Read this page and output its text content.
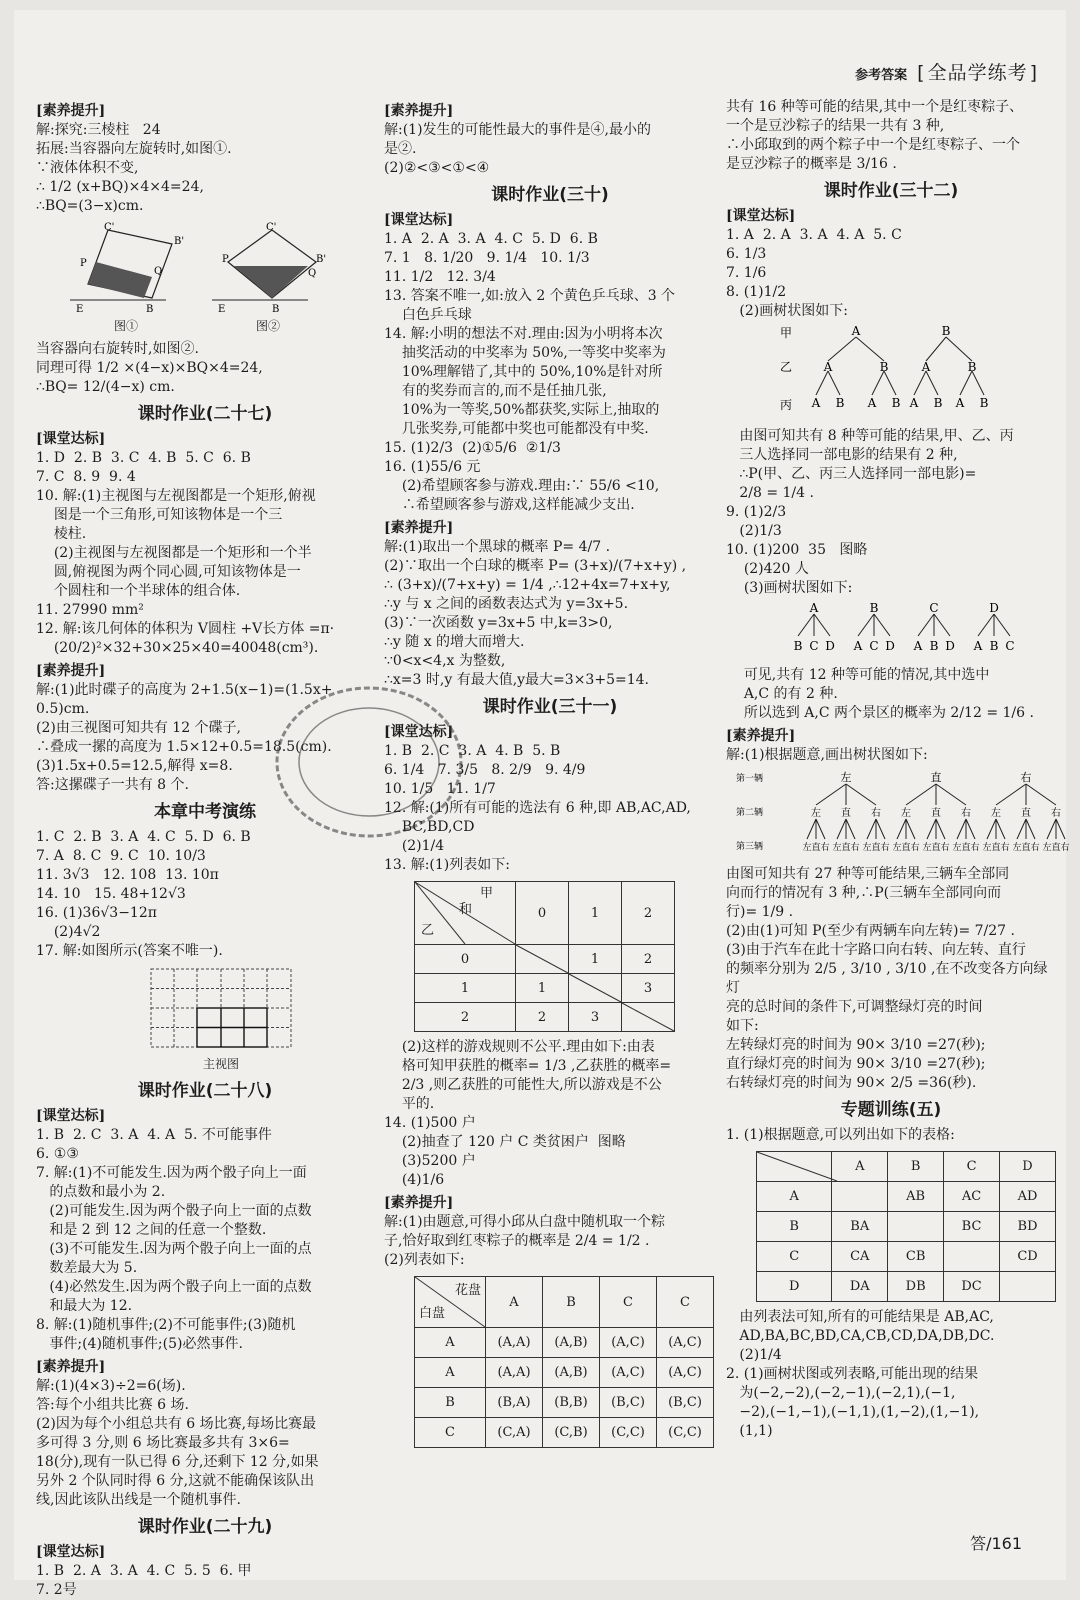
参考答案	[ 全品学练考 ]
[素养提升]
解:探究:三棱柱   24
拓展:当容器向左旋转时,如图①.
∵液体体积不变,
∴ 1/2 (x+BQ)×4×4=24,
∴BQ=(3−x)cm.
C'
B'
E	B
Q
P
图①
C'
B'
E	B
P
Q
图②
当容器向右旋转时,如图②.
同理可得 1/2 ×(4−x)×BQ×4=24,
∴BQ= 12/(4−x) cm.
课时作业(二十七)
[课堂达标]
1. D  2. B  3. C  4. B  5. C  6. B
7. C  8. 9  9. 4
10. 解:(1)主视图与左视图都是一个矩形,俯视
图是一个三角形,可知该物体是一个三
棱柱.
(2)主视图与左视图都是一个矩形和一个半
圆,俯视图为两个同心圆,可知该物体是一
个圆柱和一个半球体的组合体.
11. 27990 mm²
12. 解:该几何体的体积为 V圆柱 +V长方体 =π·
(20/2)²×32+30×25×40=40048(cm³).
[素养提升]
解:(1)此时碟子的高度为 2+1.5(x−1)=(1.5x+
0.5)cm.
(2)由三视图可知共有 12 个碟子,
∴叠成一摞的高度为 1.5×12+0.5=18.5(cm).
(3)1.5x+0.5=12.5,解得 x=8.
答:这摞碟子一共有 8 个.
本章中考演练
1. C  2. B  3. A  4. C  5. D  6. B
7. A  8. C  9. C  10. 10/3
11. 3√3   12. 108  13. 10π
14. 10   15. 48+12√3
16. (1)36√3−12π
(2)4√2
17. 解:如图所示(答案不唯一).
主视图
课时作业(二十八)
[课堂达标]
1. B  2. C  3. A  4. A  5. 不可能事件
6. ①③
7. 解:(1)不可能发生.因为两个骰子向上一面
的点数和最小为 2.
(2)可能发生.因为两个骰子向上一面的点数
和是 2 到 12 之间的任意一个整数.
(3)不可能发生.因为两个骰子向上一面的点
数差最大为 5.
(4)必然发生.因为两个骰子向上一面的点数
和最大为 12.
8. 解:(1)随机事件;(2)不可能事件;(3)随机
事件;(4)随机事件;(5)必然事件.
[素养提升]
解:(1)(4×3)÷2=6(场).
答:每个小组共比赛 6 场.
(2)因为每个小组总共有 6 场比赛,每场比赛最
多可得 3 分,则 6 场比赛最多共有 3×6=
18(分),现有一队已得 6 分,还剩下 12 分,如果
另外 2 个队同时得 6 分,这就不能确保该队出
线,因此该队出线是一个随机事件.
课时作业(二十九)
[课堂达标]
1. B  2. A  3. A  4. C  5. 5  6. 甲
7. 2号
[素养提升]
解:(1)发生的可能性最大的事件是④,最小的
是②.
(2)②<③<①<④
课时作业(三十)
[课堂达标]
1. A  2. A  3. A  4. C  5. D  6. B
7. 1   8. 1/20   9. 1/4   10. 1/3
11. 1/2   12. 3/4
13. 答案不唯一,如:放入 2 个黄色乒乓球、3 个
白色乒乓球
14. 解:小明的想法不对.理由:因为小明将本次
抽奖活动的中奖率为 50%,一等奖中奖率为
10%理解错了,其中的 50%,10%是针对所
有的奖券而言的,而不是任抽几张,
10%为一等奖,50%都获奖,实际上,抽取的
几张奖券,可能都中奖也可能都没有中奖.
15. (1)2/3  (2)①5/6  ②1/3
16. (1)55/6 元
(2)希望顾客参与游戏.理由:∵ 55/6 <10,
∴希望顾客参与游戏,这样能减少支出.
[素养提升]
解:(1)取出一个黑球的概率 P= 4/7 .
(2)∵取出一个白球的概率 P= (3+x)/(7+x+y) ,
∴ (3+x)/(7+x+y) = 1/4 ,∴12+4x=7+x+y,
∴y 与 x 之间的函数表达式为 y=3x+5.
(3)∵一次函数 y=3x+5 中,k=3>0,
∴y 随 x 的增大而增大.
∵0<x<4,x 为整数,
∴x=3 时,y 有最大值,y最大=3×3+5=14.
课时作业(三十一)
[课堂达标]
1. B  2. C  3. A  4. B  5. B
6. 1/4   7. 3/5   8. 2/9   9. 4/9
10. 1/5   11. 1/7
12. 解:(1)所有可能的选法有 6 种,即 AB,AC,AD,
BC,BD,CD
(2)1/4
13. 解:(1)列表如下:
甲
和
乙	0	1	2
0		1	2
1	1		3
2	2	3	
(2)这样的游戏规则不公平.理由如下:由表
格可知甲获胜的概率= 1/3 ,乙获胜的概率=
2/3 ,则乙获胜的可能性大,所以游戏是不公
平的.
14. (1)500 户
(2)抽查了 120 户 C 类贫困户  图略
(3)5200 户
(4)1/6
[素养提升]
解:(1)由题意,可得小邱从白盘中随机取一个粽
子,恰好取到红枣粽子的概率是 2/4 = 1/2 .
(2)列表如下:
花盘
白盘	A	B	C	C
A	(A,A)	(A,B)	(A,C)	(A,C)
A	(A,A)	(A,B)	(A,C)	(A,C)
B	(B,A)	(B,B)	(B,C)	(B,C)
C	(C,A)	(C,B)	(C,C)	(C,C)
共有 16 种等可能的结果,其中一个是红枣粽子、
一个是豆沙粽子的结果一共有 3 种,
∴小邱取到的两个粽子中一个是红枣粽子、一个
是豆沙粽子的概率是 3/16 .
课时作业(三十二)
[课堂达标]
1. A  2. A  3. A  4. A  5. C
6. 1/3
7. 1/6
8. (1)1/2
(2)画树状图如下:
甲
乙
丙
A	B
A	B	A	B
A B A B A B A B
由图可知共有 8 种等可能的结果,甲、乙、丙
三人选择同一部电影的结果有 2 种,
∴P(甲、乙、丙三人选择同一部电影)=
2/8 = 1/4 .
9. (1)2/3
(2)1/3
10. (1)200  35   图略
(2)420 人
(3)画树状图如下:
A	B	C	D
B C D A C D A B D A B C
可见,共有 12 种等可能的情况,其中选中
A,C 的有 2 种.
所以选到 A,C 两个景区的概率为 2/12 = 1/6 .
[素养提升]
解:(1)根据题意,画出树状图如下:
第一辆
第二辆
第三辆
左
左
左 直 右
直
左 直 右
右
左 直 右
直
左
左 直 右
直
左 直 右
右
左 直 右
右
左
左 直 右
直
左 直 右
右
左 直 右
由图可知共有 27 种等可能结果,三辆车全部同
向而行的情况有 3 种,∴P(三辆车全部同向而
行)= 1/9 .
(2)由(1)可知 P(至少有两辆车向左转)= 7/27 .
(3)由于汽车在此十字路口向右转、向左转、直行
的频率分别为 2/5 , 3/10 , 3/10 ,在不改变各方向绿灯
亮的总时间的条件下,可调整绿灯亮的时间
如下:
左转绿灯亮的时间为 90× 3/10 =27(秒);
直行绿灯亮的时间为 90× 3/10 =27(秒);
右转绿灯亮的时间为 90× 2/5 =36(秒).
专题训练(五)
1. (1)根据题意,可以列出如下的表格:
	A	B	C	D
A		AB	AC	AD
B	BA		BC	BD
C	CA	CB		CD
D	DA	DB	DC	
由列表法可知,所有的可能结果是 AB,AC,
AD,BA,BC,BD,CA,CB,CD,DA,DB,DC.
(2)1/4
2. (1)画树状图或列表略,可能出现的结果
为(−2,−2),(−2,−1),(−2,1),(−1,
−2),(−1,−1),(−1,1),(1,−2),(1,−1),
(1,1)
答/161
